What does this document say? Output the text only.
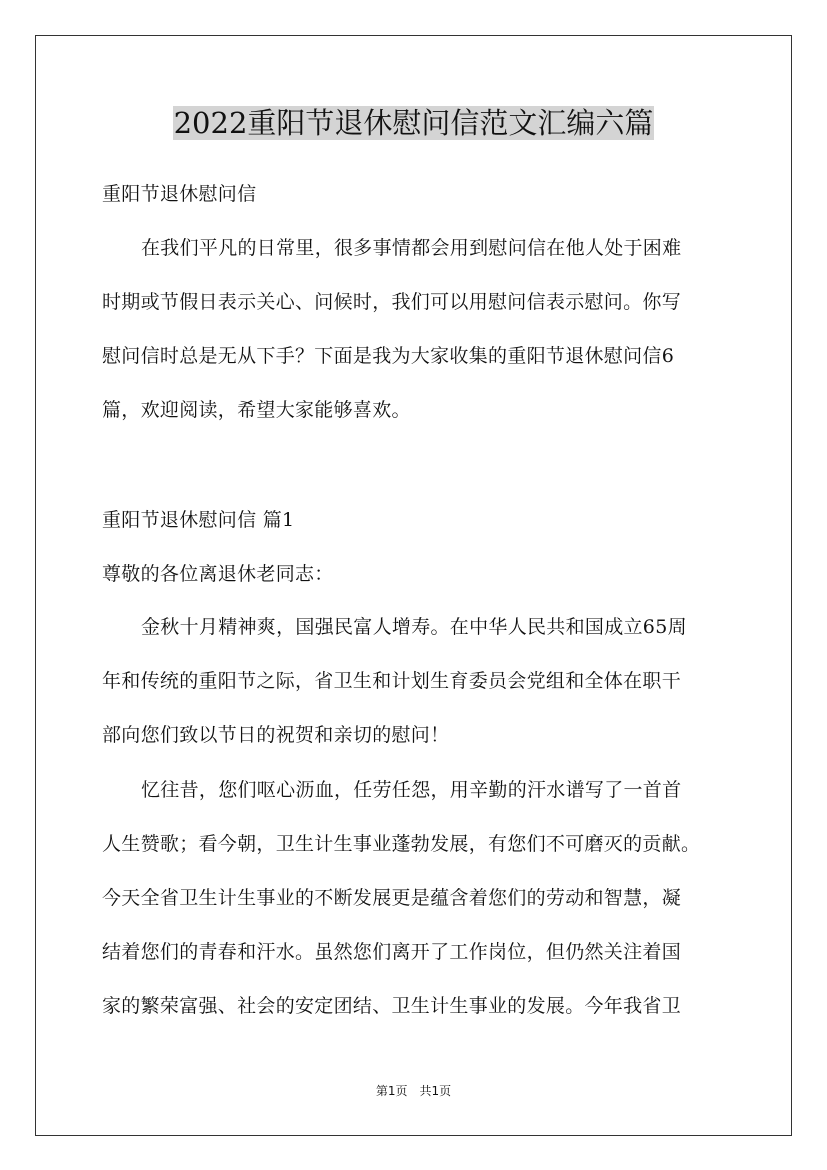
2022重阳节退休慰问信范文汇编六篇
重阳节退休慰问信
在我们平凡的日常里，很多事情都会用到慰问信在他人处于困难
时期或节假日表示关心、问候时，我们可以用慰问信表示慰问。你写
慰问信时总是无从下手？下面是我为大家收集的重阳节退休慰问信6
篇，欢迎阅读，希望大家能够喜欢。
重阳节退休慰问信 篇1
尊敬的各位离退休老同志：
金秋十月精神爽，国强民富人增寿。在中华人民共和国成立65周
年和传统的重阳节之际，省卫生和计划生育委员会党组和全体在职干
部向您们致以节日的祝贺和亲切的慰问！
忆往昔，您们呕心沥血，任劳任怨，用辛勤的汗水谱写了一首首
人生赞歌；看今朝，卫生计生事业蓬勃发展，有您们不可磨灭的贡献。
今天全省卫生计生事业的不断发展更是蕴含着您们的劳动和智慧，凝
结着您们的青春和汗水。虽然您们离开了工作岗位，但仍然关注着国
家的繁荣富强、社会的安定团结、卫生计生事业的发展。今年我省卫
第1页　共1页
